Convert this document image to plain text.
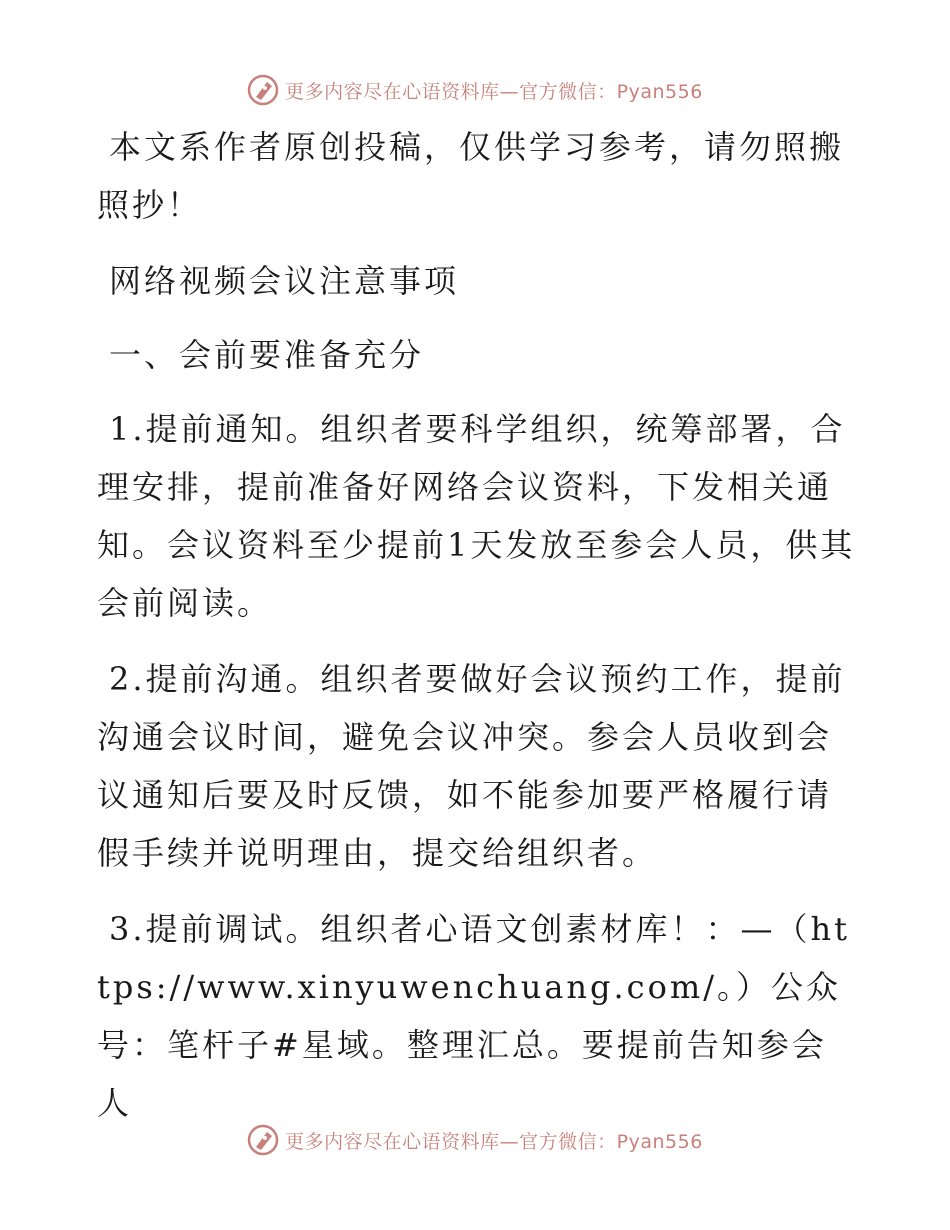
更多内容尽在心语资料库—官方微信：Pyan556

本文系作者原创投稿，仅供学习参考，请勿照搬照抄！

网络视频会议注意事项

一、会前要准备充分

1.提前通知。组织者要科学组织，统筹部署，合理安排，提前准备好网络会议资料，下发相关通知。会议资料至少提前1天发放至参会人员，供其会前阅读。

2.提前沟通。组织者要做好会议预约工作，提前沟通会议时间，避免会议冲突。参会人员收到会议通知后要及时反馈，如不能参加要严格履行请假手续并说明理由，提交给组织者。

3.提前调试。组织者心语文创素材库！：—（https://www.xinyuwenchuang.com/。）公众号：笔杆子#星域。整理汇总。要提前告知参会人

更多内容尽在心语资料库—官方微信：Pyan556
